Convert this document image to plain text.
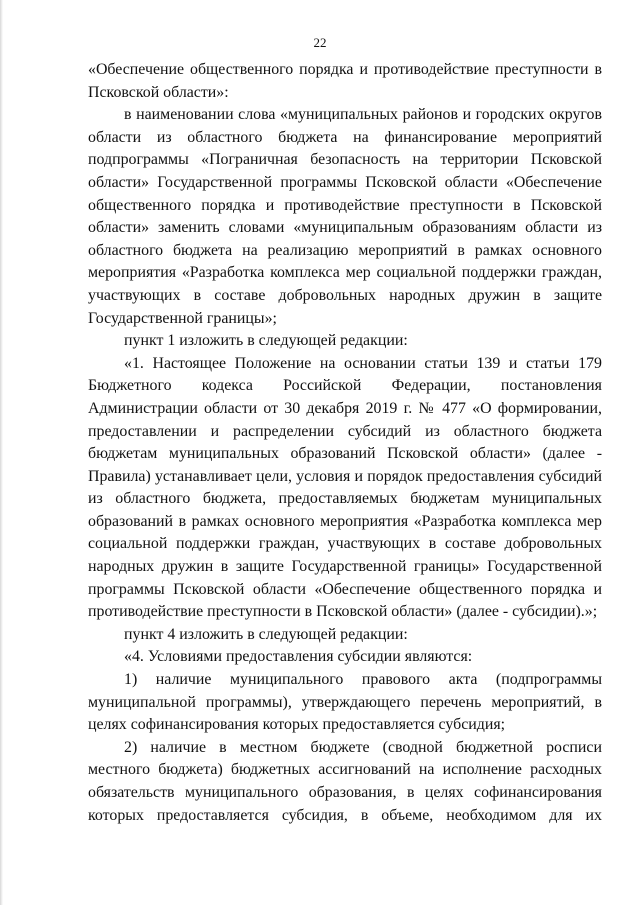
22

«Обеспечение общественного порядка и противодействие преступности в Псковской области»:

в наименовании слова «муниципальных районов и городских округов области из областного бюджета на финансирование мероприятий подпрограммы «Пограничная безопасность на территории Псковской области» Государственной программы Псковской области «Обеспечение общественного порядка и противодействие преступности в Псковской области» заменить словами «муниципальным образованиям области из областного бюджета на реализацию мероприятий в рамках основного мероприятия «Разработка комплекса мер социальной поддержки граждан, участвующих в составе добровольных народных дружин в защите Государственной границы»;

пункт 1 изложить в следующей редакции:

«1. Настоящее Положение на основании статьи 139 и статьи 179 Бюджетного кодекса Российской Федерации, постановления Администрации области от 30 декабря 2019 г. № 477 «О формировании, предоставлении и распределении субсидий из областного бюджета бюджетам муниципальных образований Псковской области» (далее - Правила) устанавливает цели, условия и порядок предоставления субсидий из областного бюджета, предоставляемых бюджетам муниципальных образований в рамках основного мероприятия «Разработка комплекса мер социальной поддержки граждан, участвующих в составе добровольных народных дружин в защите Государственной границы» Государственной программы Псковской области «Обеспечение общественного порядка и противодействие преступности в Псковской области» (далее - субсидии).»;

пункт 4 изложить в следующей редакции:

«4. Условиями предоставления субсидии являются:

1) наличие муниципального правового акта (подпрограммы муниципальной программы), утверждающего перечень мероприятий, в целях софинансирования которых предоставляется субсидия;

2) наличие в местном бюджете (сводной бюджетной росписи местного бюджета) бюджетных ассигнований на исполнение расходных обязательств муниципального образования, в целях софинансирования которых предоставляется субсидия, в объеме, необходимом для их
